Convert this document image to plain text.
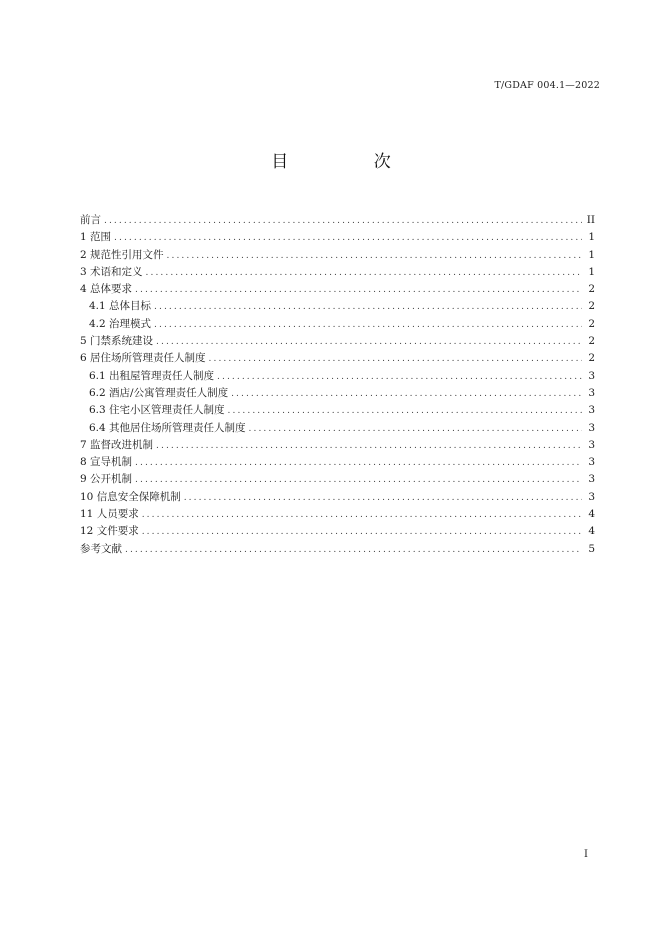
T/GDAF 004.1—2022
目 次
前言 .....	II
1 范围 .....	1
2 规范性引用文件 .....	1
3 术语和定义 .....	1
4 总体要求 .....	2
4.1 总体目标 .....	2
4.2 治理模式 .....	2
5 门禁系统建设 .....	2
6 居住场所管理责任人制度 .....	2
6.1 出租屋管理责任人制度 .....	3
6.2 酒店/公寓管理责任人制度 .....	3
6.3 住宅小区管理责任人制度 .....	3
6.4 其他居住场所管理责任人制度 .....	3
7 监督改进机制 .....	3
8 宣导机制 .....	3
9 公开机制 .....	3
10 信息安全保障机制 .....	3
11 人员要求 .....	4
12 文件要求 .....	4
参考文献 .....	5
I
